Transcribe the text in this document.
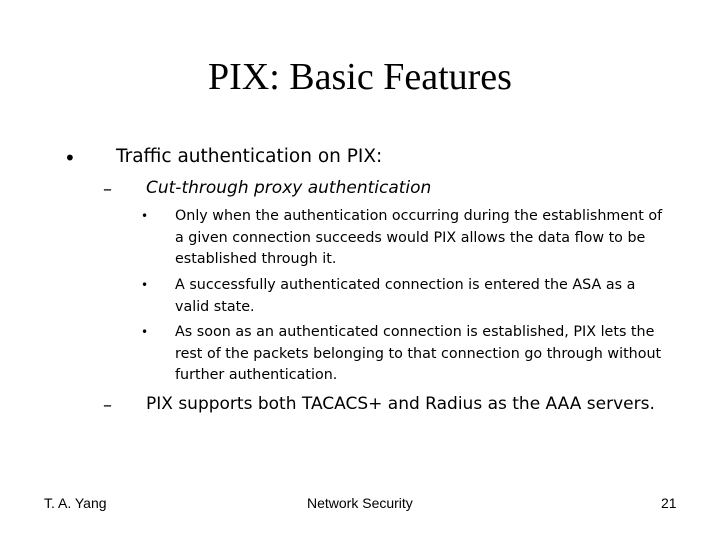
PIX: Basic Features
• Traffic authentication on PIX:
– Cut-through proxy authentication
• Only when the authentication occurring during the establishment of a given connection succeeds would PIX allows the data flow to be established through it.
• A successfully authenticated connection is entered the ASA as a valid state.
• As soon as an authenticated connection is established, PIX lets the rest of the packets belonging to that connection go through without further authentication.
– PIX supports both TACACS+ and Radius as the AAA servers.
T. A. Yang	Network Security	21
